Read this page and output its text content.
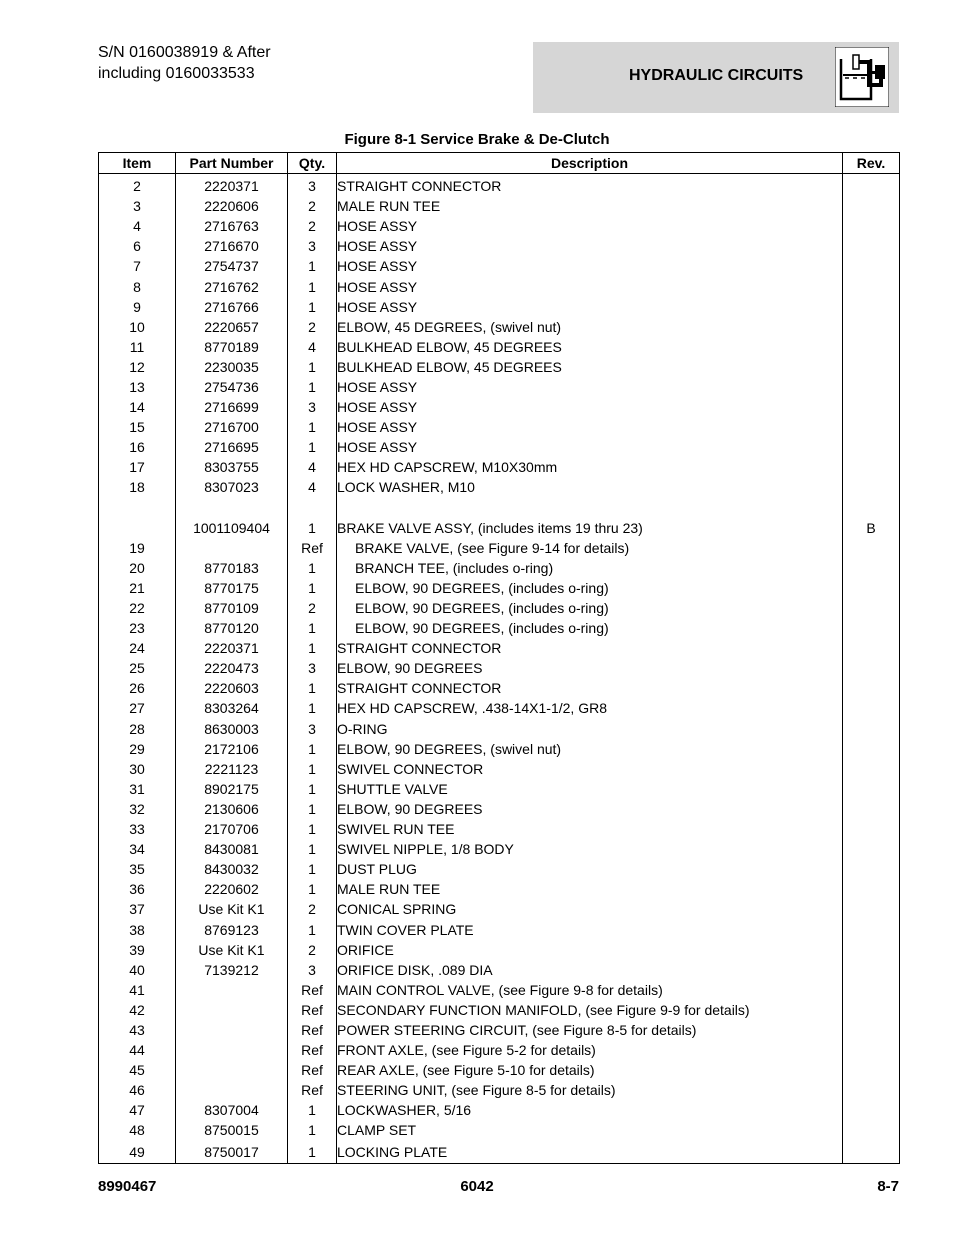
S/N 0160038919 & After
including 0160033533	HYDRAULIC CIRCUITS
Figure 8-1 Service Brake & De-Clutch
Item	Part Number	Qty.	Description	Rev.
2	2220371	3	STRAIGHT CONNECTOR	
3	2220606	2	MALE RUN TEE	
4	2716763	2	HOSE ASSY	
6	2716670	3	HOSE ASSY	
7	2754737	1	HOSE ASSY	
8	2716762	1	HOSE ASSY	
9	2716766	1	HOSE ASSY	
10	2220657	2	ELBOW, 45 DEGREES, (swivel nut)	
11	8770189	4	BULKHEAD ELBOW, 45 DEGREES	
12	2230035	1	BULKHEAD ELBOW, 45 DEGREES	
13	2754736	1	HOSE ASSY	
14	2716699	3	HOSE ASSY	
15	2716700	1	HOSE ASSY	
16	2716695	1	HOSE ASSY	
17	8303755	4	HEX HD CAPSCREW, M10X30mm	
18	8307023	4	LOCK WASHER, M10	

	1001109404	1	BRAKE VALVE ASSY, (includes items 19 thru 23)	B
19		Ref	BRAKE VALVE, (see Figure 9-14 for details)	
20	8770183	1	BRANCH TEE, (includes o-ring)	
21	8770175	1	ELBOW, 90 DEGREES, (includes o-ring)	
22	8770109	2	ELBOW, 90 DEGREES, (includes o-ring)	
23	8770120	1	ELBOW, 90 DEGREES, (includes o-ring)	
24	2220371	1	STRAIGHT CONNECTOR	
25	2220473	3	ELBOW, 90 DEGREES	
26	2220603	1	STRAIGHT CONNECTOR	
27	8303264	1	HEX HD CAPSCREW, .438-14X1-1/2, GR8	
28	8630003	3	O-RING	
29	2172106	1	ELBOW, 90 DEGREES, (swivel nut)	
30	2221123	1	SWIVEL CONNECTOR	
31	8902175	1	SHUTTLE VALVE	
32	2130606	1	ELBOW, 90 DEGREES	
33	2170706	1	SWIVEL RUN TEE	
34	8430081	1	SWIVEL NIPPLE, 1/8 BODY	
35	8430032	1	DUST PLUG	
36	2220602	1	MALE RUN TEE	
37	Use Kit K1	2	CONICAL SPRING	
38	8769123	1	TWIN COVER PLATE	
39	Use Kit K1	2	ORIFICE	
40	7139212	3	ORIFICE DISK, .089 DIA	
41		Ref	MAIN CONTROL VALVE, (see Figure 9-8 for details)	
42		Ref	SECONDARY FUNCTION MANIFOLD, (see Figure 9-9 for details)	
43		Ref	POWER STEERING CIRCUIT, (see Figure 8-5 for details)	
44		Ref	FRONT AXLE, (see Figure 5-2 for details)	
45		Ref	REAR AXLE, (see Figure 5-10 for details)	
46		Ref	STEERING UNIT, (see Figure 8-5 for details)	
47	8307004	1	LOCKWASHER, 5/16	
48	8750015	1	CLAMP SET	
49	8750017	1	LOCKING PLATE	
8990467	6042	8-7
